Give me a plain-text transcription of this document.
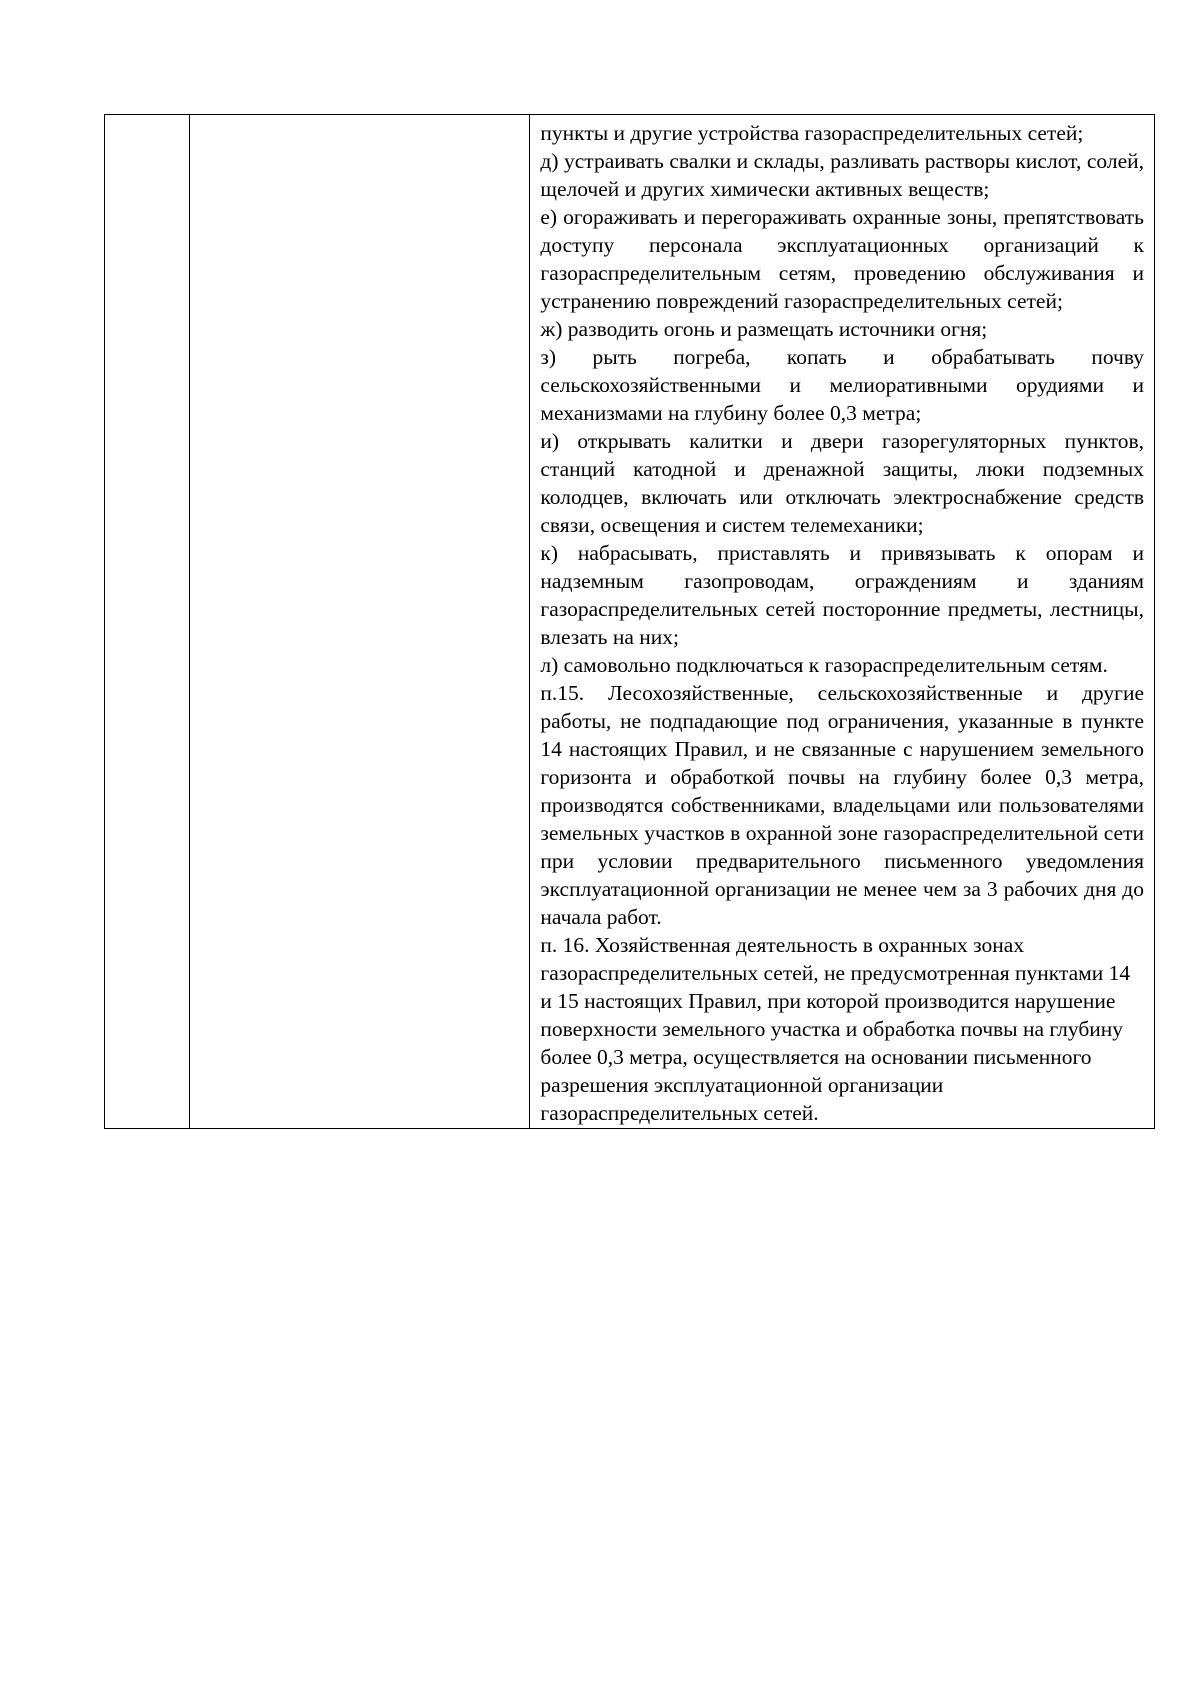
пункты и другие устройства газораспределительных сетей;

д) устраивать свалки и склады, разливать растворы кислот, солей, щелочей и других химически активных веществ;

е) огораживать и перегораживать охранные зоны, препятствовать доступу персонала эксплуатационных организаций к газораспределительным сетям, проведению обслуживания и устранению повреждений газораспределительных сетей;

ж) разводить огонь и размещать источники огня;

з) рыть погреба, копать и обрабатывать почву сельскохозяйственными и мелиоративными орудиями и механизмами на глубину более 0,3 метра;

и) открывать калитки и двери газорегуляторных пунктов, станций катодной и дренажной защиты, люки подземных колодцев, включать или отключать электроснабжение средств связи, освещения и систем телемеханики;

к) набрасывать, приставлять и привязывать к опорам и надземным газопроводам, ограждениям и зданиям газораспределительных сетей посторонние предметы, лестницы, влезать на них;

л) самовольно подключаться к газораспределительным сетям.

п.15. Лесохозяйственные, сельскохозяйственные и другие работы, не подпадающие под ограничения, указанные в пункте 14 настоящих Правил, и не связанные с нарушением земельного горизонта и обработкой почвы на глубину более 0,3 метра, производятся собственниками, владельцами или пользователями земельных участков в охранной зоне газораспределительной сети при условии предварительного письменного уведомления эксплуатационной организации не менее чем за 3 рабочих дня до начала работ.

п. 16. Хозяйственная деятельность в охранных зонах газораспределительных сетей, не предусмотренная пунктами 14 и 15 настоящих Правил, при которой производится нарушение поверхности земельного участка и обработка почвы на глубину более 0,3 метра, осуществляется на основании письменного разрешения эксплуатационной организации газораспределительных сетей.
